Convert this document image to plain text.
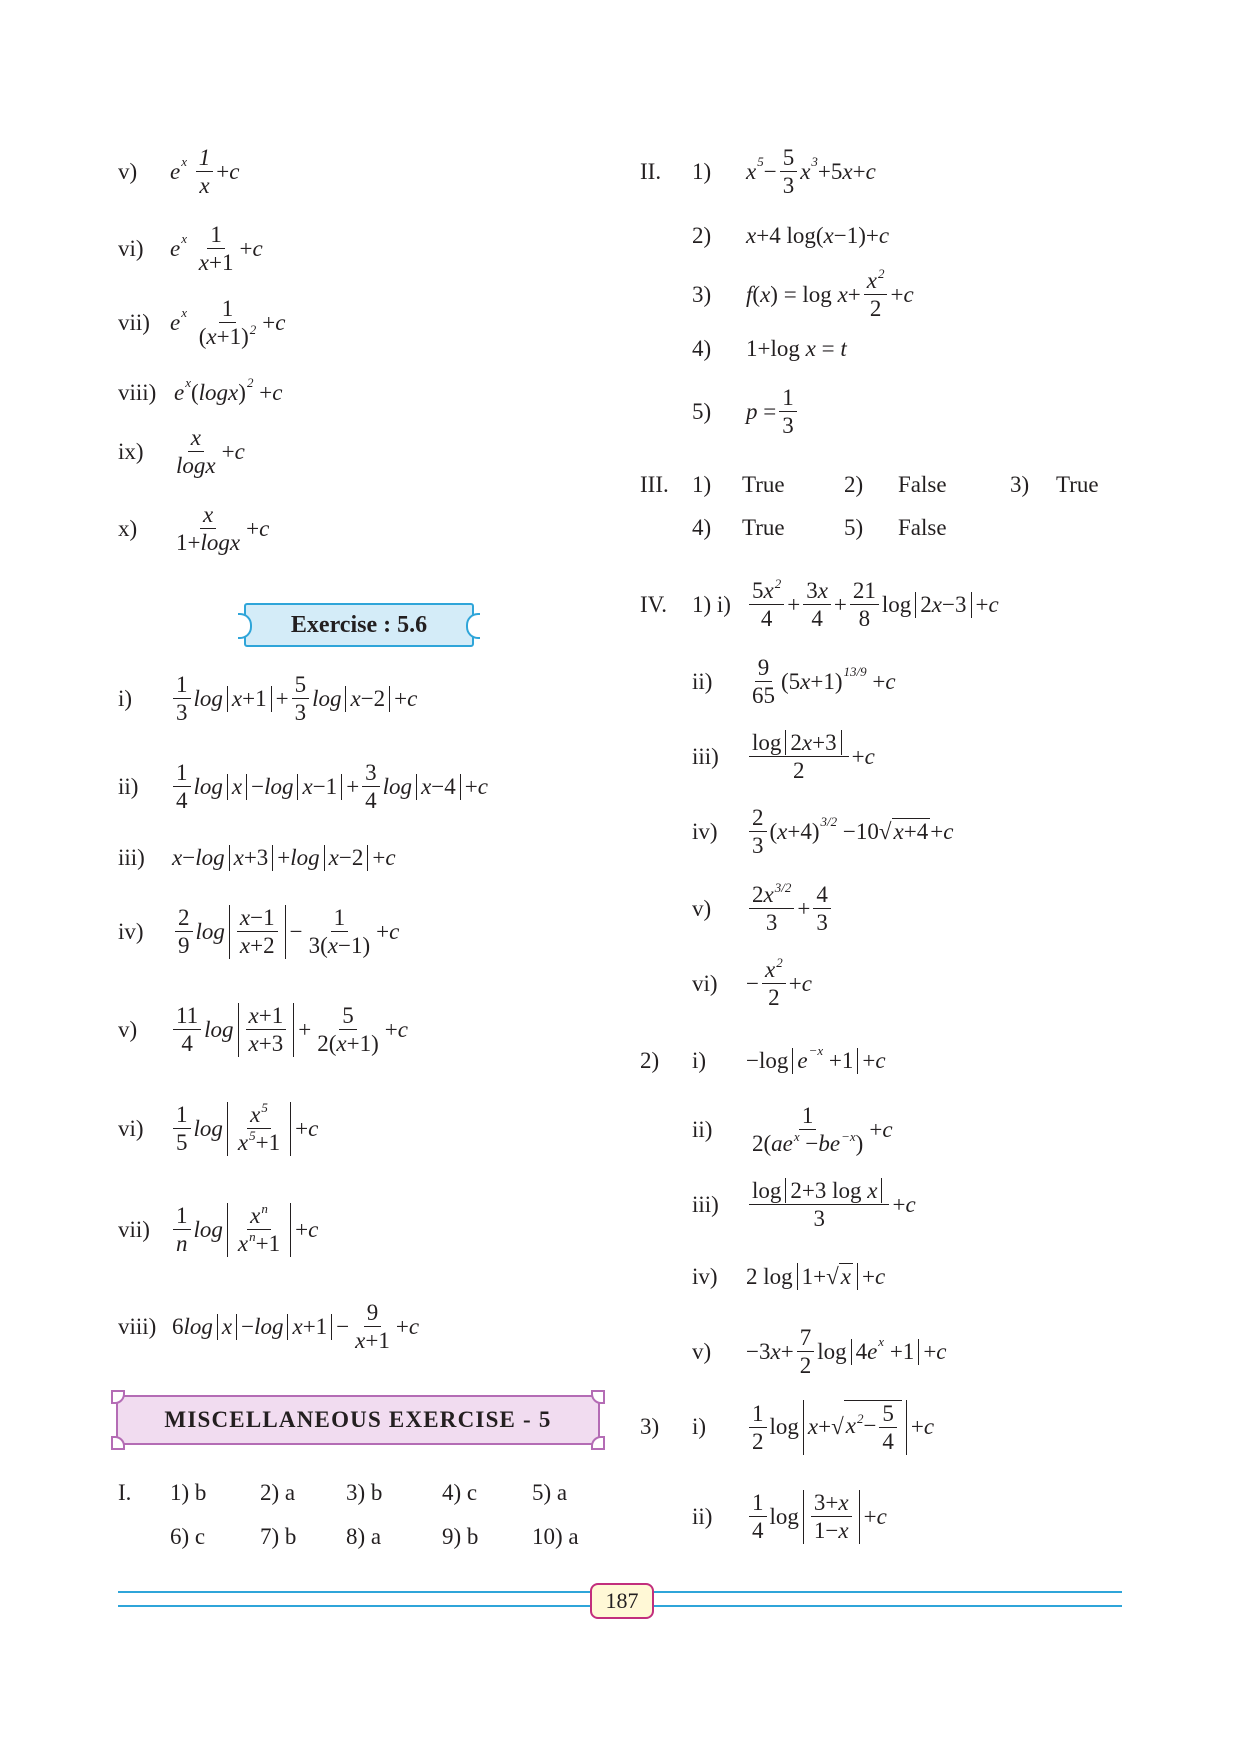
v)	e x
$\frac{1}{x} + c$
vi)	e x
$\frac{1}{x+1} + c$
vii) e x
$\frac{1}{(x+1)^2} + c$
viii) e x ( logx ) 2 + c
ix)	$\frac{x}{\log x} + c$
x)	$\frac{x}{1+\log x} + c$
Exercise : 5.6
i)	$\frac{1}{3}$ $\log x +1 + \frac{5}{3}$ log x −2 + c
ii)	$\frac{1}{4}$ $\log x - \log x -1 + \frac{3}{4}$ log x −4 + c
iii)	x − log x +3 + log x −2 + c
iv)	$\frac{2}{9}$ $\log \frac{x-1}{x+2} - \frac{1}{3(x-1)} + c$
v)	$\frac{11}{4}$ $\log \frac{x+1}{x+3} + \frac{5}{2(x+1)} + c$
vi)	$\frac{1}{5}$ $\log \frac{x^5}{x^5+1} + c$
vii)	$\frac{1}{n}$ $\log \frac{x^n}{x^n+1} + c$
viii) 6 $\log x - \log x +1 - \frac{9}{x+1} + c$
MISCELLANEOUS EXERCISE - 5
I.	1) b	2) a	3) b	4) c	5) a
6) c	7) b	8) a	9) b	10) a
II.	1)	x $5 - \frac{5}{3}$ x 3 +5 x + c
2)	x +4 log( x −1)+ c
3)	f ( x ) = $\log x + \frac{x^2}{2} + c$
4)	1+log x = t
5)	$p = \frac{1}{3}$
III.	1)	True	2)	False	3)	True
4)	True	5)	False
IV.	1) $i) \frac{5x^2}{4} + \frac{3x}{4} + \frac{21}{8}$ log 2 x −3 + c
ii)	$\frac{9}{65} (5$ x +1) 13/9 + c
iii)	$\frac{\log 2 x +3}{2} + c$
iv)	$\frac{2}{3}$ ( x +4) 3/2 −10√ x+4 + c
v)	$\frac{2x^{3/2}}{3} + \frac{4}{3}$
vi)	− $\frac{x^2}{2} + c$
2)	i)	−log e −x +1 + c
ii)	$\frac{1}{2(ae^x -be^{-x})} + c$
iii)	$\frac{\text{log 2+3 log x}}{3} + c$
iv)	2 log 1+√ x + c
v)	−3 $x + \frac{7}{2}$ log 4 e x +1 + c
3)	i)	$\frac{1}{2}$ log x +√ $x^2- \frac{5}{4} + c$
ii)	$\frac{1}{4}$ $\log \frac{3+x}{1-x} + c$
187
